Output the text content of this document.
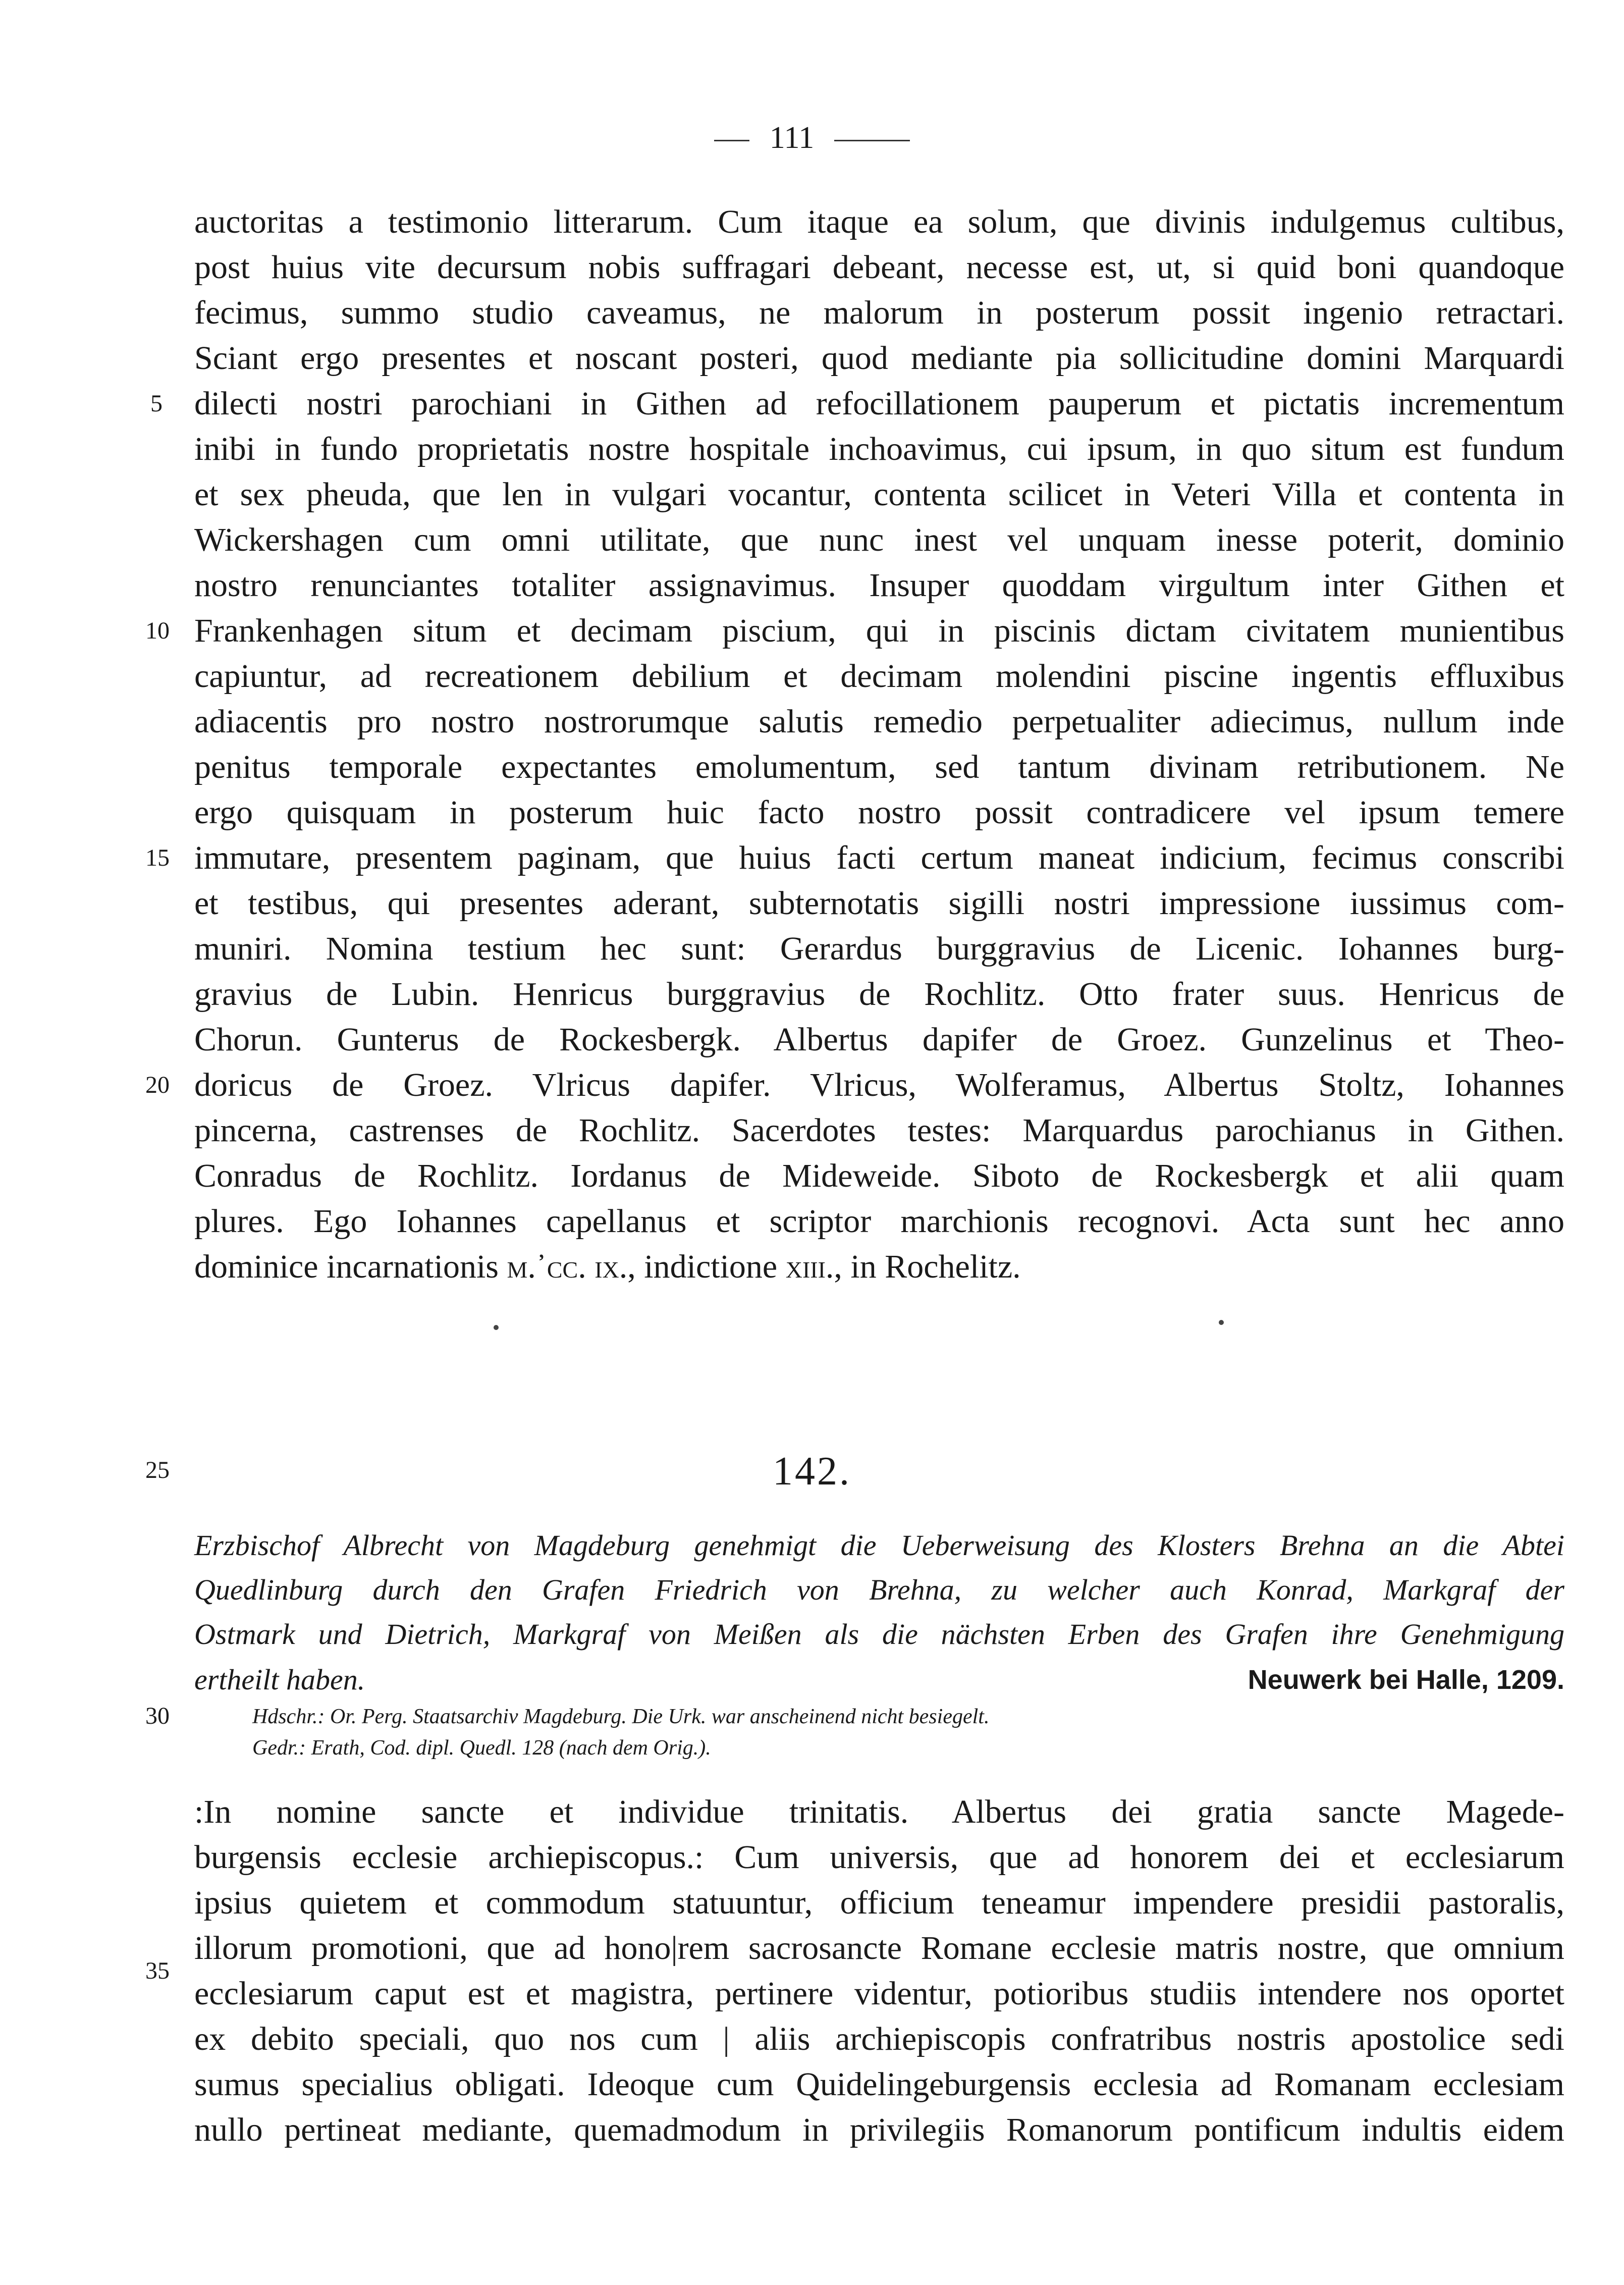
111
auctoritas a testimonio litterarum. Cum itaque ea solum, que divinis indulgemus cultibus,
post huius vite decursum nobis suffragari debeant, necesse est, ut, si quid boni quandoque
fecimus, summo studio caveamus, ne malorum in posterum possit ingenio retractari.
Sciant ergo presentes et noscant posteri, quod mediante pia sollicitudine domini Marquardi
dilecti nostri parochiani in Githen ad refocillationem pauperum et pictatis incrementum
inibi in fundo proprietatis nostre hospitale inchoavimus, cui ipsum, in quo situm est fundum
et sex pheuda, que len in vulgari vocantur, contenta scilicet in Veteri Villa et contenta in
Wickershagen cum omni utilitate, que nunc inest vel unquam inesse poterit, dominio
nostro renunciantes totaliter assignavimus. Insuper quoddam virgultum inter Githen et
Frankenhagen situm et decimam piscium, qui in piscinis dictam civitatem munientibus
capiuntur, ad recreationem debilium et decimam molendini piscine ingentis effluxibus
adiacentis pro nostro nostrorumque salutis remedio perpetualiter adiecimus, nullum inde
penitus temporale expectantes emolumentum, sed tantum divinam retributionem. Ne
ergo quisquam in posterum huic facto nostro possit contradicere vel ipsum temere
immutare, presentem paginam, que huius facti certum maneat indicium, fecimus conscribi
et testibus, qui presentes aderant, subternotatis sigilli nostri impressione iussimus com-
muniri. Nomina testium hec sunt: Gerardus burggravius de Licenic. Iohannes burg-
gravius de Lubin. Henricus burggravius de Rochlitz. Otto frater suus. Henricus de
Chorun. Gunterus de Rockesbergk. Albertus dapifer de Groez. Gunzelinus et Theo-
doricus de Groez. Vlricus dapifer. Vlricus, Wolferamus, Albertus Stoltz, Iohannes
pincerna, castrenses de Rochlitz. Sacerdotes testes: Marquardus parochianus in Githen.
Conradus de Rochlitz. Iordanus de Mideweide. Siboto de Rockesbergk et alii quam
plures. Ego Iohannes capellanus et scriptor marchionis recognovi. Acta sunt hec anno
dominice incarnationis m.᾿cc. ix., indictione xiii., in Rochelitz.
5
10
15
20
25
30
35
142.
Erzbischof Albrecht von Magdeburg genehmigt die Ueberweisung des Klosters Brehna an die Abtei
Quedlinburg durch den Grafen Friedrich von Brehna, zu welcher auch Konrad, Markgraf der
Ostmark und Dietrich, Markgraf von Meißen als die nächsten Erben des Grafen ihre Genehmigung
ertheilt haben.	Neuwerk bei Halle, 1209.
Hdschr.: Or. Perg. Staatsarchiv Magdeburg. Die Urk. war anscheinend nicht besiegelt.
Gedr.: Erath, Cod. dipl. Quedl. 128 (nach dem Orig.).
:In nomine sancte et individue trinitatis. Albertus dei gratia sancte Magede-
burgensis ecclesie archiepiscopus.: Cum universis, que ad honorem dei et ecclesiarum
ipsius quietem et commodum statuuntur, officium teneamur impendere presidii pastoralis,
illorum promotioni, que ad hono|rem sacrosancte Romane ecclesie matris nostre, que omnium
ecclesiarum caput est et magistra, pertinere videntur, potioribus studiis intendere nos oportet
ex debito speciali, quo nos cum | aliis archiepiscopis confratribus nostris apostolice sedi
sumus specialius obligati. Ideoque cum Quidelingeburgensis ecclesia ad Romanam ecclesiam
nullo pertineat mediante, quemadmodum in privilegiis Romanorum pontificum indultis eidem
